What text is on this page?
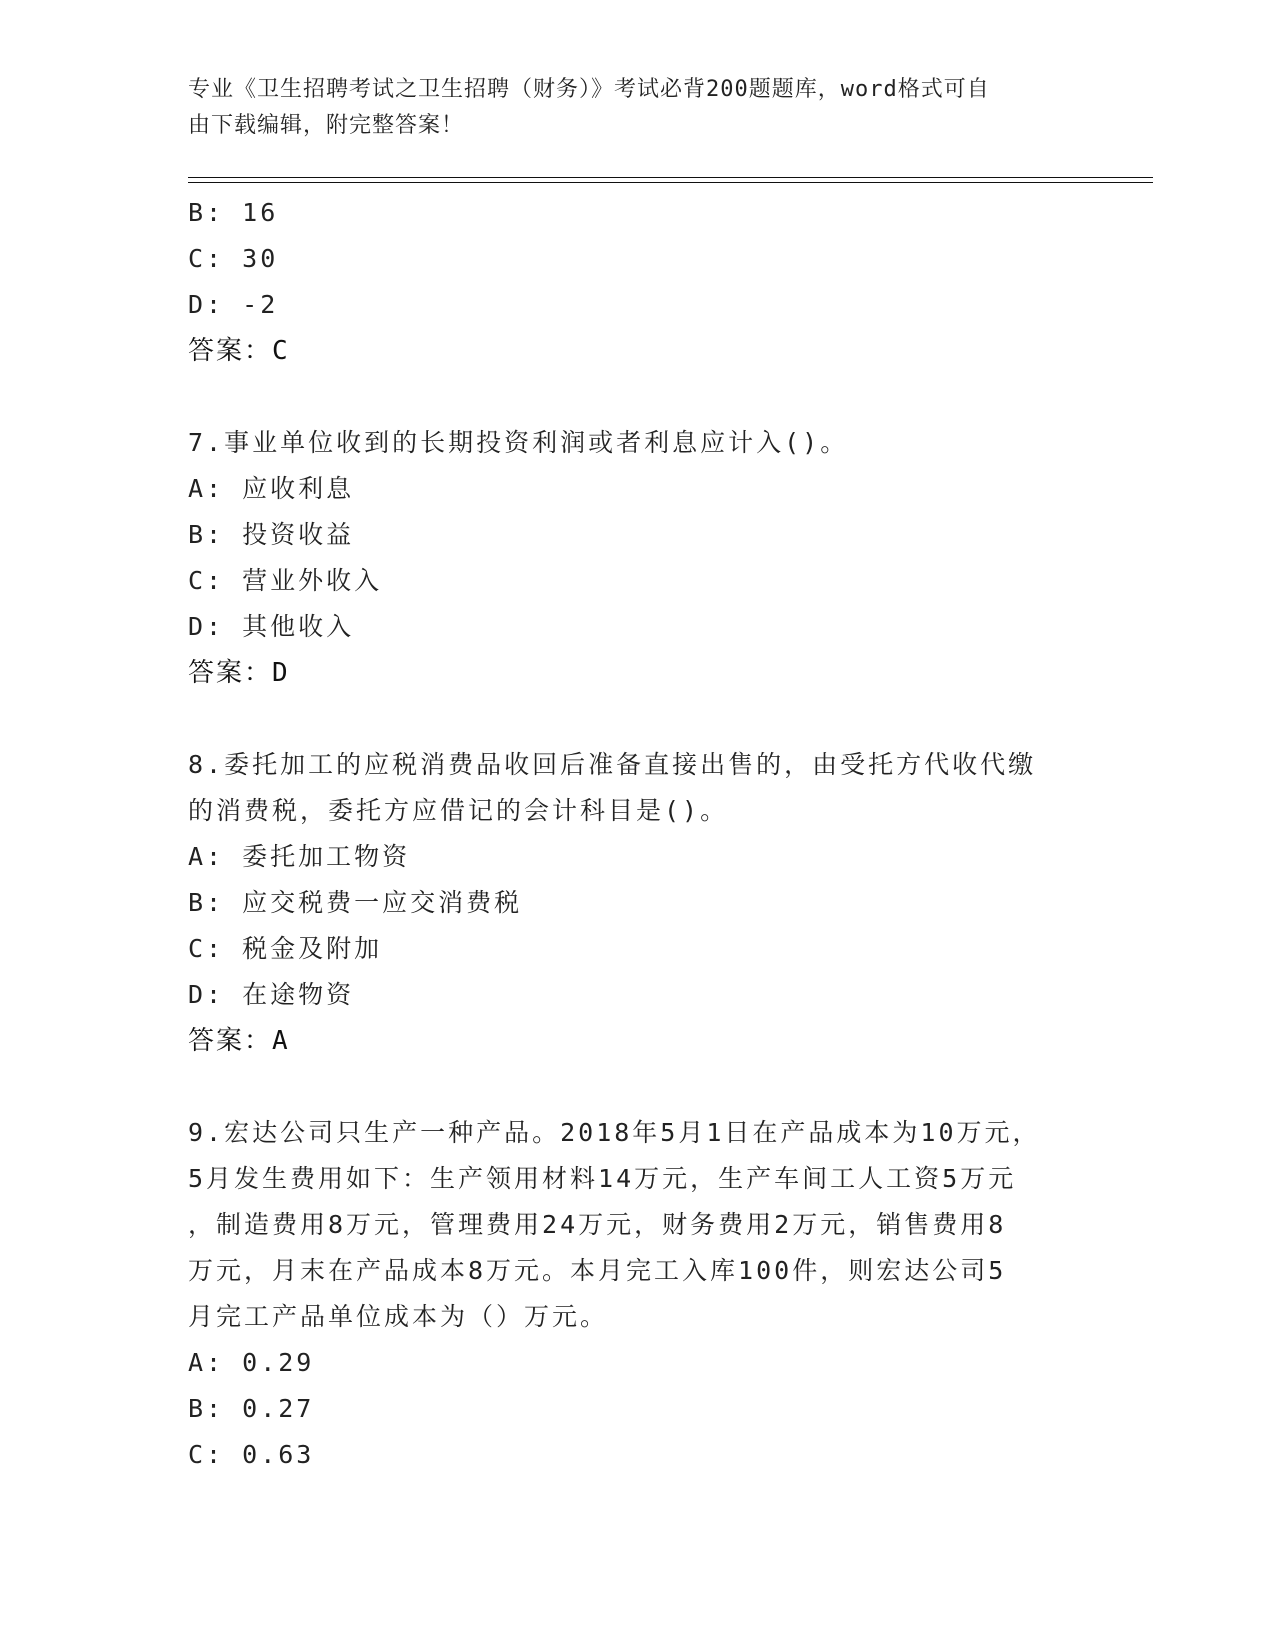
专业《卫生招聘考试之卫生招聘（财务）》考试必背200题题库，word格式可自
由下载编辑，附完整答案！
B: 16
C: 30
D: -2
答案：C
7.事业单位收到的长期投资利润或者利息应计入()。
A: 应收利息
B: 投资收益
C: 营业外收入
D: 其他收入
答案：D
8.委托加工的应税消费品收回后准备直接出售的，由受托方代收代缴
的消费税，委托方应借记的会计科目是()。
A: 委托加工物资
B: 应交税费一应交消费税
C: 税金及附加
D: 在途物资
答案：A
9.宏达公司只生产一种产品。2018年5月1日在产品成本为10万元，
5月发生费用如下：生产领用材料14万元，生产车间工人工资5万元
，制造费用8万元，管理费用24万元，财务费用2万元，销售费用8
万元，月末在产品成本8万元。本月完工入库100件，则宏达公司5
月完工产品单位成本为（）万元。
A: 0.29
B: 0.27
C: 0.63
